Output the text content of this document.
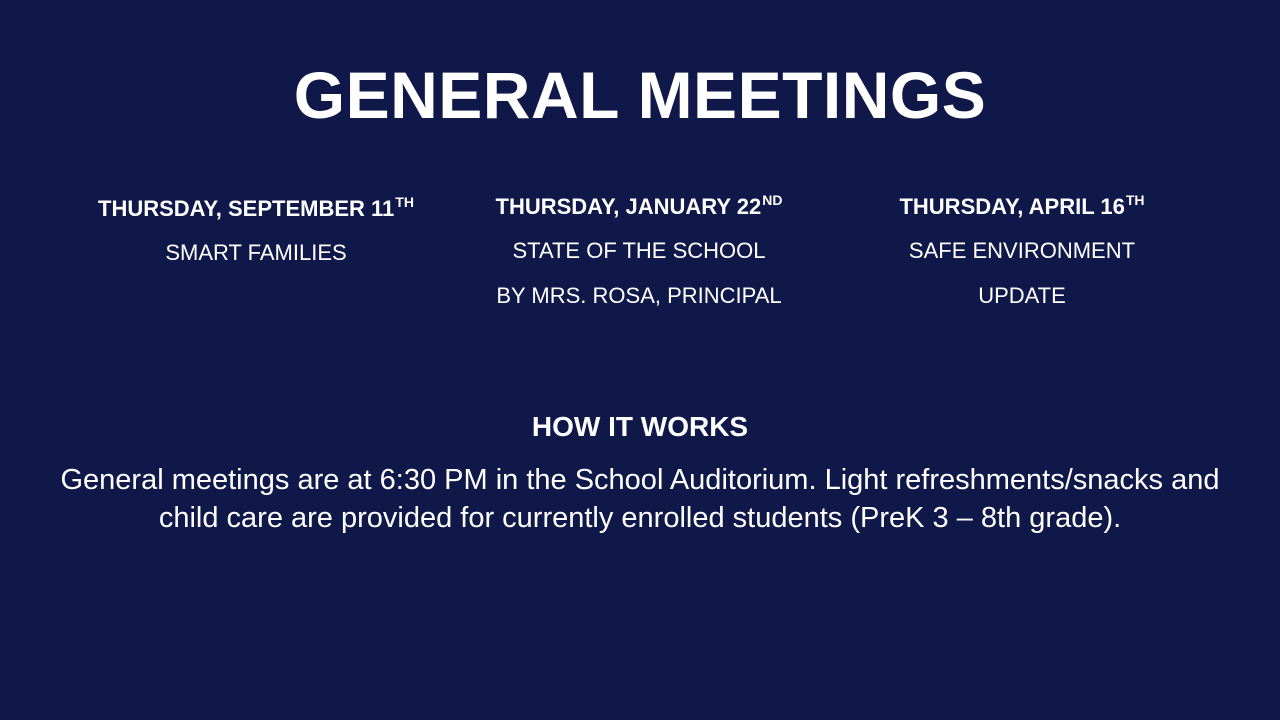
GENERAL MEETINGS
THURSDAY, SEPTEMBER 11TH
SMART FAMILIES
THURSDAY, JANUARY 22ND
STATE OF THE SCHOOL
BY MRS. ROSA, PRINCIPAL
THURSDAY, APRIL 16TH
SAFE ENVIRONMENT
UPDATE
HOW IT WORKS
General meetings are at 6:30 PM in the School Auditorium. Light refreshments/snacks and child care are provided for currently enrolled students (PreK 3 – 8th grade).
